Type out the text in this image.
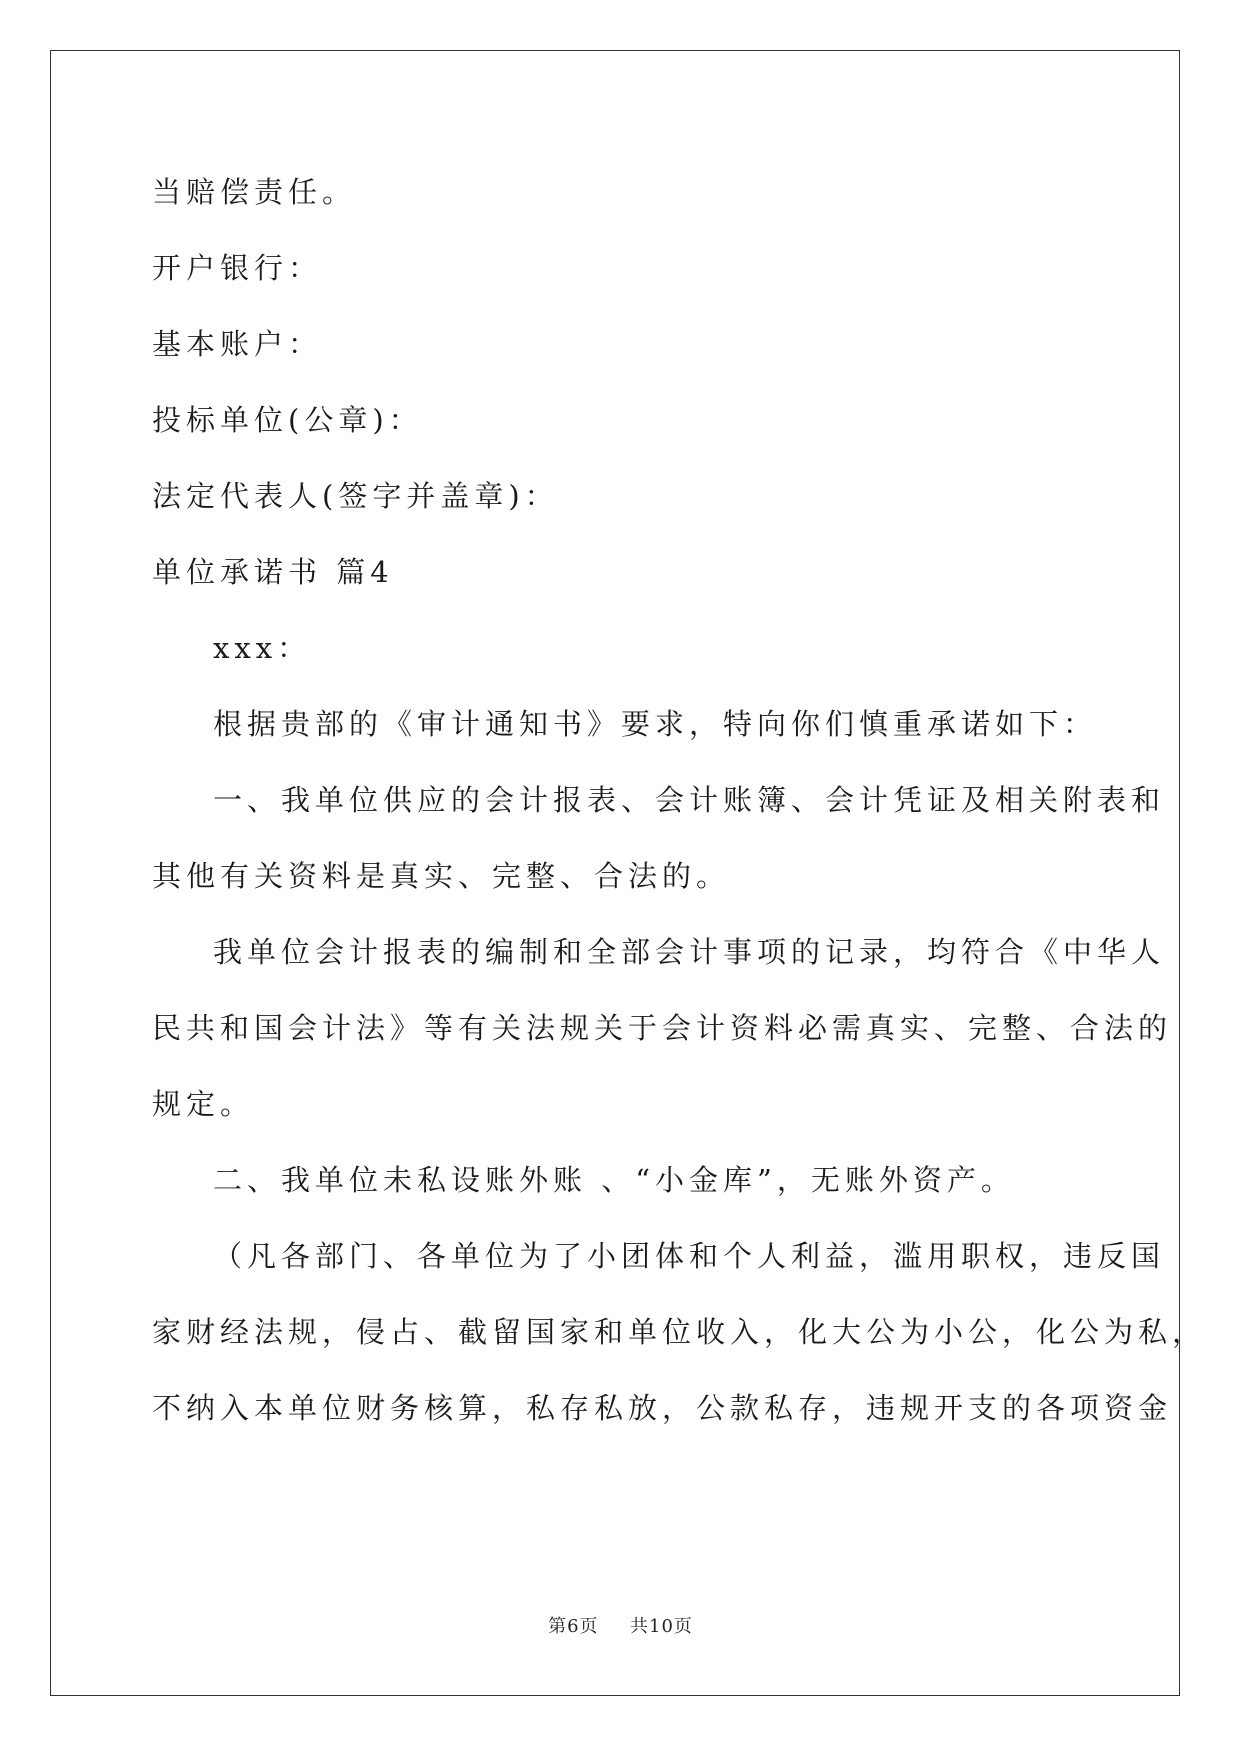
当赔偿责任。
开户银行：
基本账户：
投标单位(公章)：
法定代表人(签字并盖章)：
单位承诺书 篇4
xxx：
根据贵部的《审计通知书》要求，特向你们慎重承诺如下：
一、我单位供应的会计报表、会计账簿、会计凭证及相关附表和
其他有关资料是真实、完整、合法的。
我单位会计报表的编制和全部会计事项的记录，均符合《中华人
民共和国会计法》等有关法规关于会计资料必需真实、完整、合法的
规定。
二、我单位未私设账外账 、“小金库”，无账外资产。
（凡各部门、各单位为了小团体和个人利益，滥用职权，违反国
家财经法规，侵占、截留国家和单位收入，化大公为小公，化公为私，
不纳入本单位财务核算，私存私放，公款私存，违规开支的各项资金
第6页 共10页
